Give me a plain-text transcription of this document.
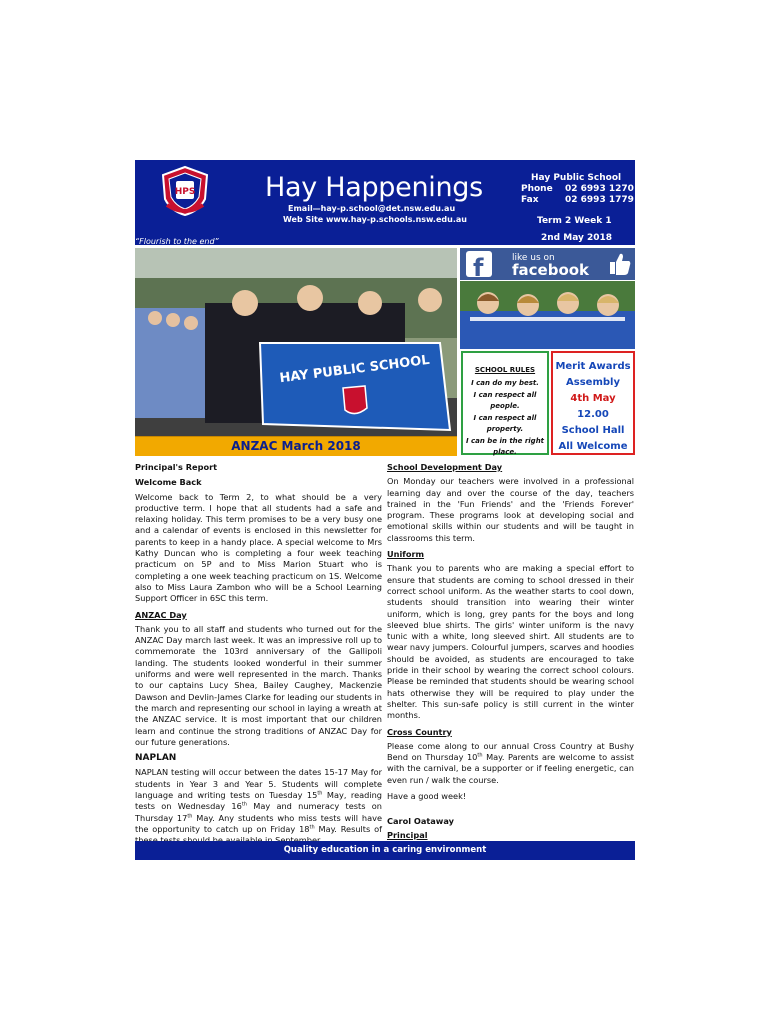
HPS	Hay Happenings
Email—hay-p.school@det.nsw.edu.au
Web Site www.hay-p.schools.nsw.edu.au
Hay Public School
Phone	02 6993 1270
Fax	02 6993 1779
Term 2 Week 1
“Flourish to the end”	2nd May 2018
HAY PUBLIC SCHOOL
ANZAC March 2018
f	like us on
facebook
SCHOOL RULES
I can do my best.
I can respect all people.
I can respect all property.
I can be in the right place.
Merit Awards
Assembly
4th May
12.00
School Hall
All Welcome
Principal's Report
Welcome Back

Welcome back to Term 2, to what should be a very productive term. I hope that all students had a safe and relaxing holiday. This term promises to be a very busy one and a calendar of events is enclosed in this newsletter for parents to keep in a handy place. A special welcome to Mrs Kathy Duncan who is completing a four week teaching practicum on 5P and to Miss Marion Stuart who is completing a one week teaching practicum on 1S. Welcome also to Miss Laura Zambon who will be a School Learning Support Officer in 6SC this term.

ANZAC Day

Thank you to all staff and students who turned out for the ANZAC Day march last week. It was an impressive roll up to commemorate the 103rd anniversary of the Gallipoli landing. The students looked wonderful in their summer uniforms and were well represented in the march. Thanks to our captains Lucy Shea, Bailey Caughey, Mackenzie Dawson and Devlin-James Clarke for leading our students in the march and representing our school in laying a wreath at the ANZAC service. It is most important that our children learn and continue the strong traditions of ANZAC Day for our future generations.

NAPLAN

NAPLAN testing will occur between the dates 15-17 May for students in Year 3 and Year 5. Students will complete language and writing tests on Tuesday 15th May, reading tests on Wednesday 16th May and numeracy tests on Thursday 17th May. Any students who miss tests will have the opportunity to catch up on Friday 18th May. Results of

School Development Day

On Monday our teachers were involved in a professional learning day and over the course of the day, teachers trained in the 'Fun Friends' and the 'Friends Forever' program. These programs look at developing social and emotional skills within our students and will be taught in classrooms this term.

Uniform

Thank you to parents who are making a special effort to ensure that students are coming to school dressed in their correct school uniform. As the weather starts to cool down, students should transition into wearing their winter uniform, which is long, grey pants for the boys and long sleeved blue shirts. The girls' winter uniform is the navy tunic with a white, long sleeved shirt. All students are to wear navy jumpers. Colourful jumpers, scarves and hoodies should be avoided, as students are encouraged to take pride in their school by wearing the correct school colours. Please be reminded that students should be wearing school hats otherwise they will be required to play under the shelter. This sun-safe policy is still current in the winter months.

Cross Country

Please come along to our annual Cross Country at Bushy Bend on Thursday 10th May. Parents are welcome to assist with the carnival, be a supporter or if feeling energetic, can even run / walk the course.

Have a good week!

Carol Oataway
Principal
Quality education in a caring environment
